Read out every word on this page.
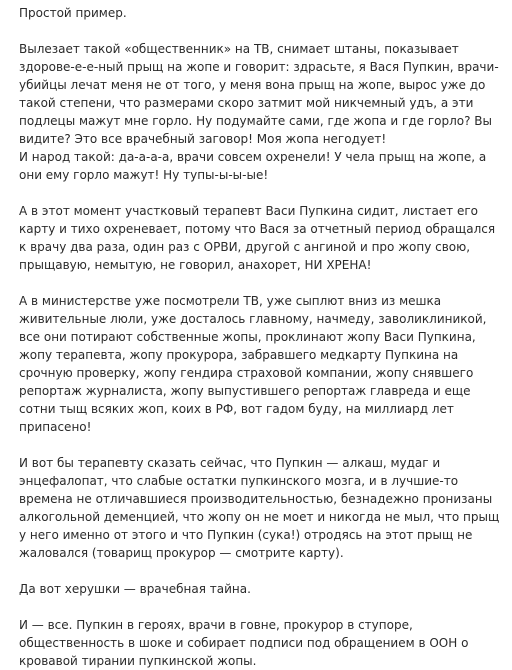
Простой пример.

Вылезает такой «общественник» на ТВ, снимает штаны, показывает здорове-е-е-ный прыщ на жопе и говорит: здрасьте, я Вася Пупкин, врачи-убийцы лечат меня не от того, у меня вона прыщ на жопе, вырос уже до такой степени, что размерами скоро затмит мой никчемный удъ, а эти подлецы мажут мне горло. Ну подумайте сами, где жопа и где горло? Вы видите? Это все врачебный заговор! Моя жопа негодует!
И народ такой: да-а-а-а, врачи совсем охренели! У чела прыщ на жопе, а они ему горло мажут! Ну тупы-ы-ы-ые!

А в этот момент участковый терапевт Васи Пупкина сидит, листает его карту и тихо охреневает, потому что Вася за отчетный период обращался к врачу два раза, один раз с ОРВИ, другой с ангиной и про жопу свою, прыщавую, немытую, не говорил, анахорет, НИ ХРЕНА!

А в министерстве уже посмотрели ТВ, уже сыплют вниз из мешка живительные люли, уже досталось главному, начмеду, заволиклиникой, все они потирают собственные жопы, проклинают жопу Васи Пупкина, жопу терапевта, жопу прокурора, забравшего медкарту Пупкина на срочную проверку, жопу гендира страховой компании, жопу снявшего репортаж журналиста, жопу выпустившего репортаж главреда и еще сотни тыщ всяких жоп, коих в РФ, вот гадом буду, на миллиард лет припасено!

И вот бы терапевту сказать сейчас, что Пупкин — алкаш, мудаг и энцефалопат, что слабые остатки пупкинского мозга, и в лучшие-то времена не отличавшиеся производительностью, безнадежно пронизаны алкогольной деменцией, что жопу он не моет и никогда не мыл, что прыщ у него именно от этого и что Пупкин (сука!) отродясь на этот прыщ не жаловался (товарищ прокурор — смотрите карту).

Да вот херушки — врачебная тайна.

И — все. Пупкин в героях, врачи в говне, прокурор в ступоре, общественность в шоке и собирает подписи под обращением в ООН о кровавой тирании пупкинской жопы.
